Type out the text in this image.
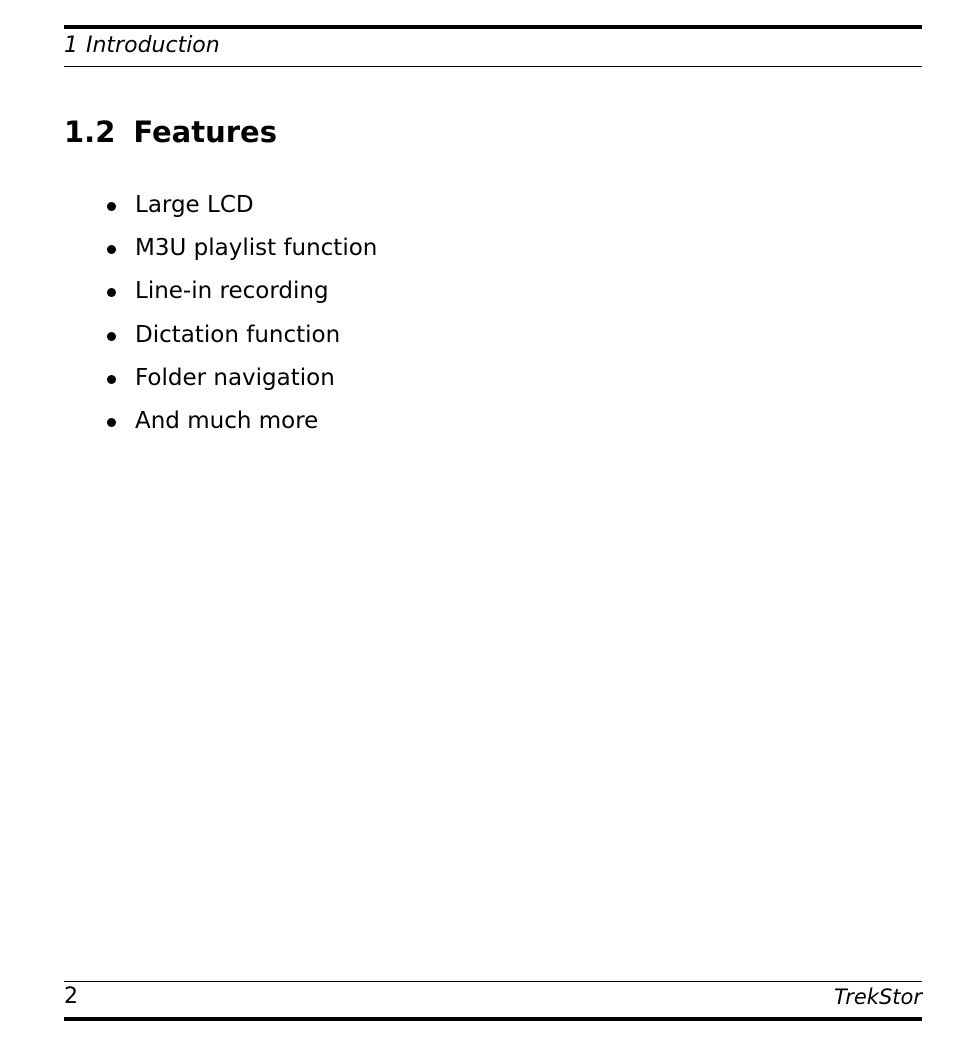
1 Introduction
1.2 Features
Large LCD
M3U playlist function
Line-in recording
Dictation function
Folder navigation
And much more
2	TrekStor
